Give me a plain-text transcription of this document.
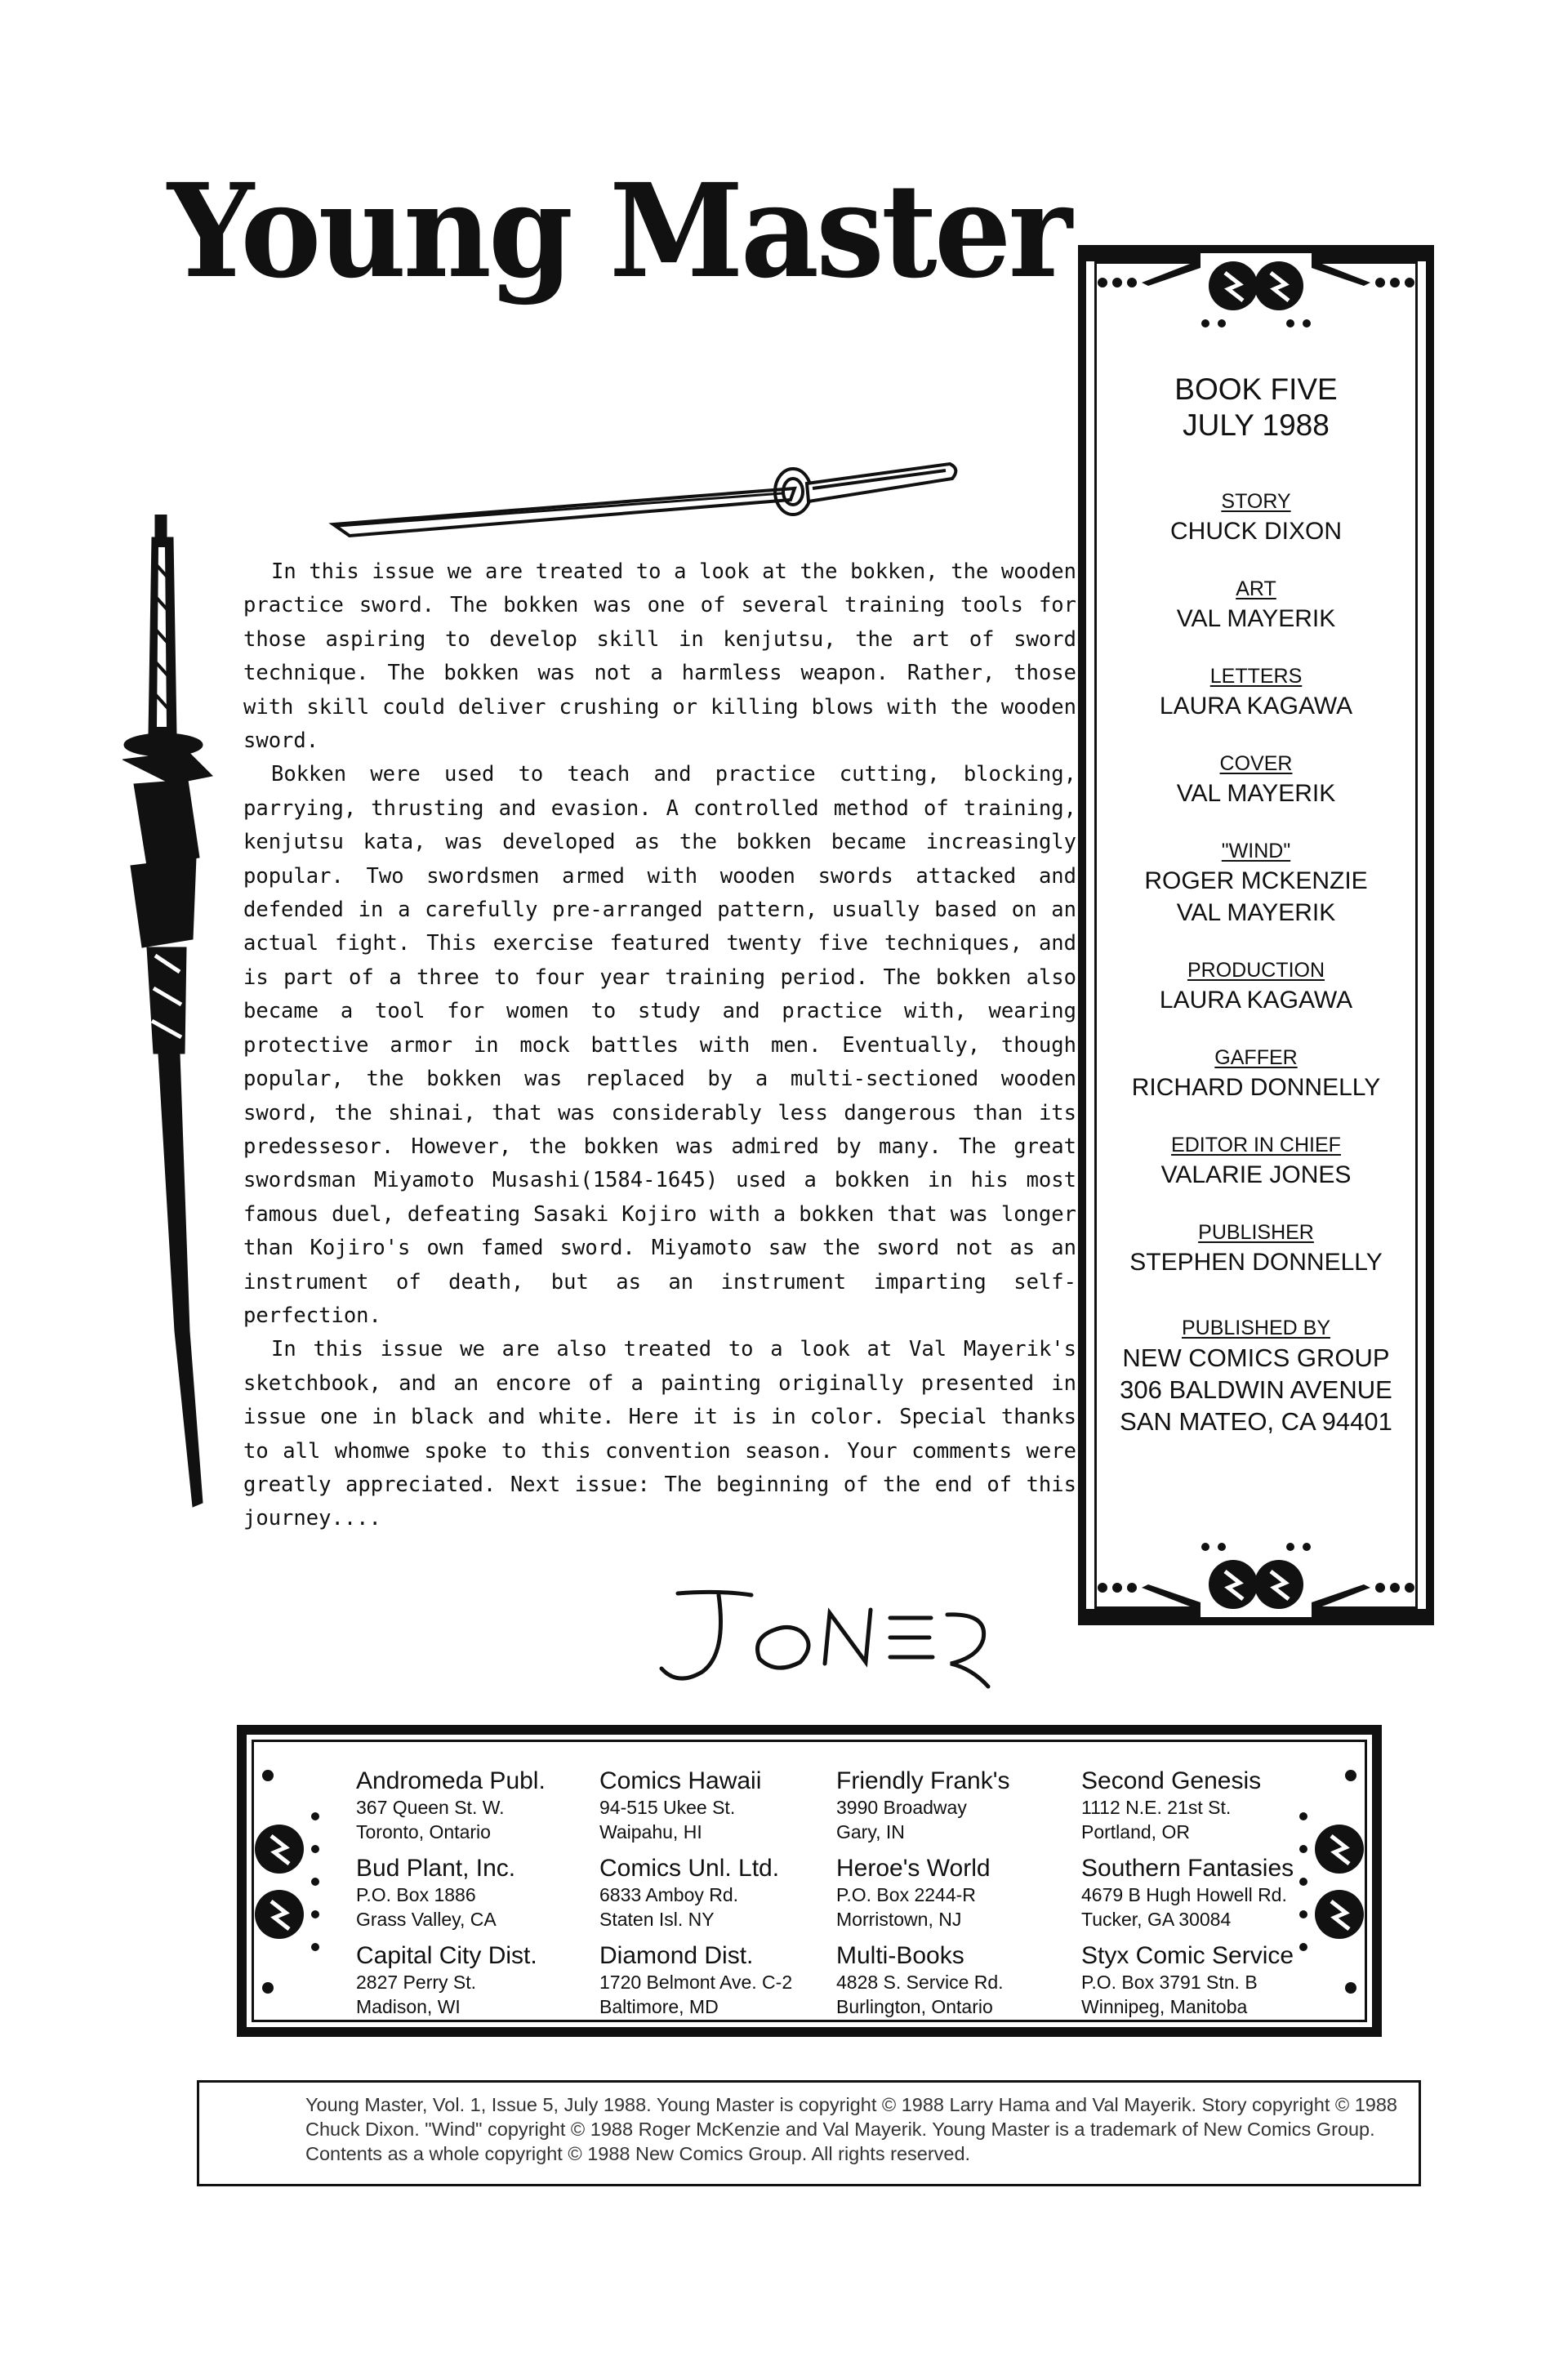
Young Master

In this issue we are treated to a look at the bokken, the wooden practice sword. The bokken was one of several training tools for those aspiring to develop skill in kenjutsu, the art of sword technique. The bokken was not a harmless weapon. Rather, those with skill could deliver crushing or killing blows with the wooden sword.

Bokken were used to teach and practice cutting, blocking, parrying, thrusting and evasion. A controlled method of training, kenjutsu kata, was developed as the bokken became increasingly popular. Two swordsmen armed with wooden swords attacked and defended in a carefully pre-arranged pattern, usually based on an actual fight. This exercise featured twenty five techniques, and is part of a three to four year training period. The bokken also became a tool for women to study and practice with, wearing protective armor in mock battles with men. Eventually, though popular, the bokken was replaced by a multi-sectioned wooden sword, the shinai, that was considerably less dangerous than its predessesor. However, the bokken was admired by many. The great swordsman Miyamoto Musashi(1584-1645) used a bokken in his most famous duel, defeating Sasaki Kojiro with a bokken that was longer than Kojiro's own famed sword. Miyamoto saw the sword not as an instrument of death, but as an instrument imparting self-perfection.

In this issue we are also treated to a look at Val Mayerik's sketchbook, and an encore of a painting originally presented in issue one in black and white. Here it is in color. Special thanks to all whomwe spoke to this convention season. Your comments were greatly appreciated. Next issue: The beginning of the end of this journey....

BOOK FIVE
JULY 1988
STORY
CHUCK DIXON
ART
VAL MAYERIK
LETTERS
LAURA KAGAWA
COVER
VAL MAYERIK
"WIND"
ROGER MCKENZIE
VAL MAYERIK
PRODUCTION
LAURA KAGAWA
GAFFER
RICHARD DONNELLY
EDITOR IN CHIEF
VALARIE JONES
PUBLISHER
STEPHEN DONNELLY
PUBLISHED BY
NEW COMICS GROUP
306 BALDWIN AVENUE
SAN MATEO, CA 94401
Andromeda Publ.
367 Queen St. W.
Toronto, Ontario
Bud Plant, Inc.
P.O. Box 1886
Grass Valley, CA
Capital City Dist.
2827 Perry St.
Madison, WI
Comics Hawaii
94-515 Ukee St.
Waipahu, HI
Comics Unl. Ltd.
6833 Amboy Rd.
Staten Isl. NY
Diamond Dist.
1720 Belmont Ave. C-2
Baltimore, MD
Friendly Frank's
3990 Broadway
Gary, IN
Heroe's World
P.O. Box 2244-R
Morristown, NJ
Multi-Books
4828 S. Service Rd.
Burlington, Ontario
Second Genesis
1112 N.E. 21st St.
Portland, OR
Southern Fantasies
4679 B Hugh Howell Rd.
Tucker, GA 30084
Styx Comic Service
P.O. Box 3791 Stn. B
Winnipeg, Manitoba
Young Master, Vol. 1, Issue 5, July 1988. Young Master is copyright © 1988 Larry Hama and Val Mayerik. Story copyright © 1988 Chuck Dixon. "Wind" copyright © 1988 Roger McKenzie and Val Mayerik. Young Master is a trademark of New Comics Group. Contents as a whole copyright © 1988 New Comics Group. All rights reserved.
